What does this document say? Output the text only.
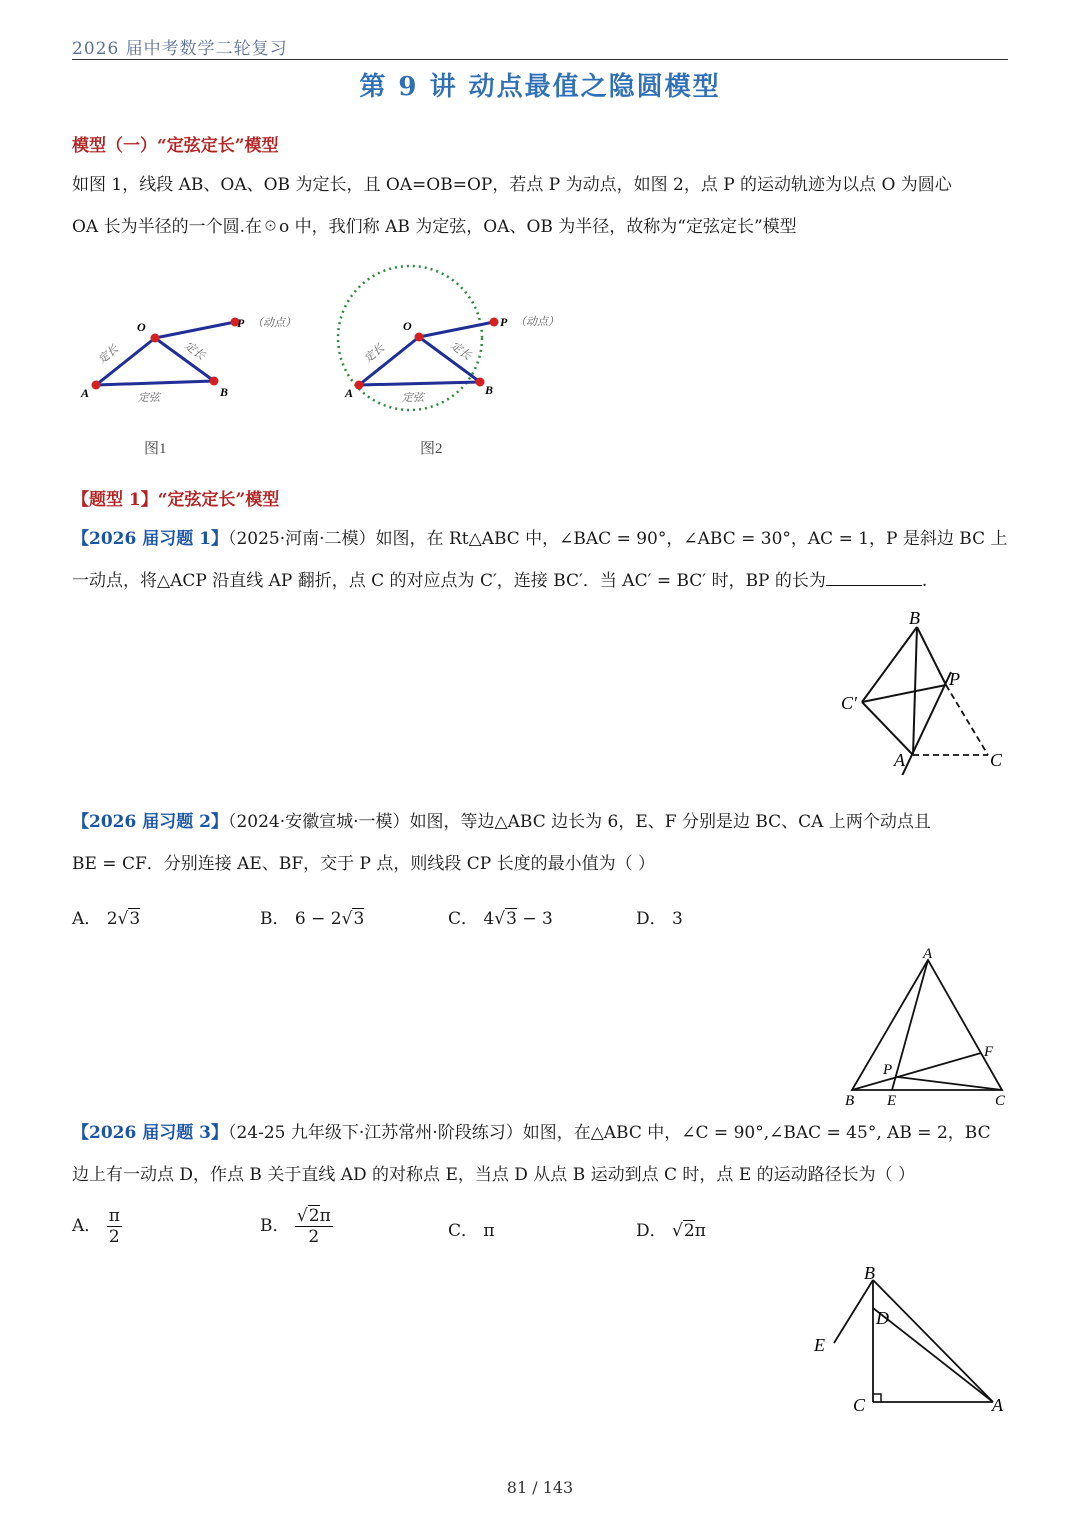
2026 届中考数学二轮复习
第 9 讲 动点最值之隐圆模型
模型（一）“定弦定长”模型
如图 1，线段 AB、OA、OB 为定长，且 OA=OB=OP，若点 P 为动点，如图 2，点 P 的运动轨迹为以点 O 为圆心
OA 长为半径的一个圆.在☉o 中，我们称 AB 为定弦，OA、OB 为半径，故称为“定弦定长”模型
O	P （动点）
A	B
定长	定长
定弦
图1
O	P （动点）
A	B
定长	定长
定弦
图2
【题型 1】“定弦定长”模型
【2026 届习题 1】（2025·河南·二模）如图，在 Rt△ABC 中，∠BAC = 90°，∠ABC = 30°，AC = 1，P 是斜边 BC 上
一动点，将△ACP 沿直线 AP 翻折，点 C 的对应点为 C′，连接 BC′．当 AC′ = BC′ 时，BP 的长为	.
B
P
C′
A	C
【2026 届习题 2】（2024·安徽宣城·一模）如图，等边△ABC 边长为 6，E、F 分别是边 BC、CA 上两个动点且
BE = CF．分别连接 AE、BF，交于 P 点，则线段 CP 长度的最小值为（ ）
A． 2√3	B． 6 − 2√3	C． 4√3 − 3	D． 3
A
F
P
B E	C
【2026 届习题 3】（24-25 九年级下·江苏常州·阶段练习）如图，在△ABC 中，∠C = 90°,∠BAC = 45°, AB = 2，BC
边上有一动点 D，作点 B 关于直线 AD 的对称点 E，当点 D 从点 B 运动到点 C 时，点 E 的运动路径长为（ ）
A． $\frac{\pi}{2}$	B． $\frac{√2\pi}{2}$	C． π	D． √2π
B
D
E
C	A
81 / 143
